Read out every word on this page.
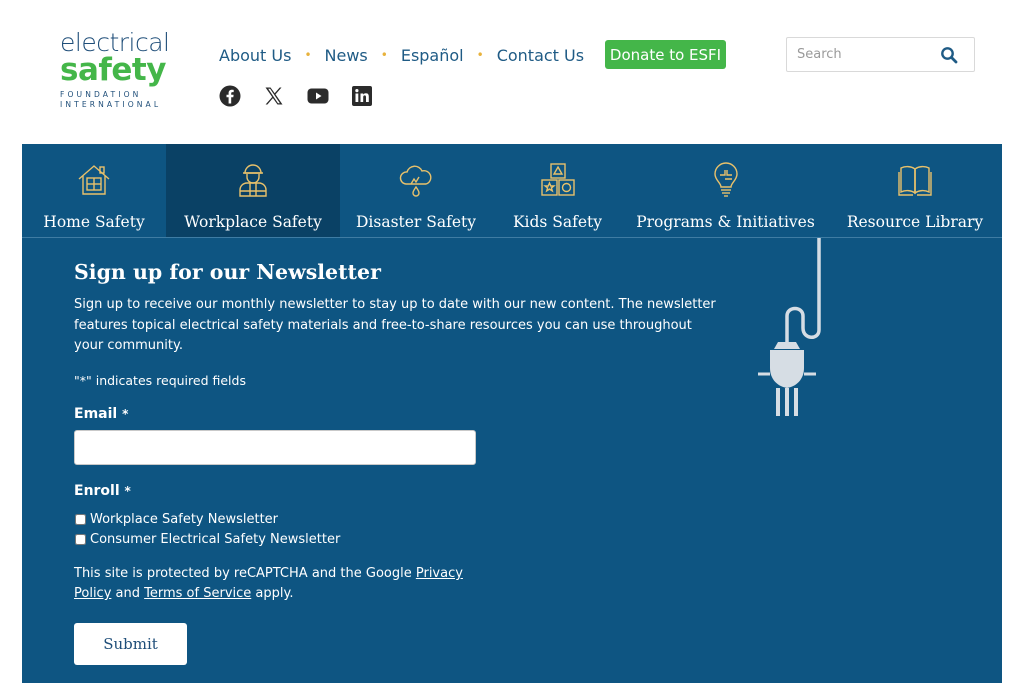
electrical
safety
FOUNDATION
INTERNATIONAL
About Us • News • Español • Contact Us	Donate to ESFI
Search
Home Safety	Workplace Safety	Disaster Safety	Kids Safety	Programs & Initiatives	Resource Library
Sign up for our Newsletter

Sign up to receive our monthly newsletter to stay up to date with our new content. The newsletter features topical electrical safety materials and free-to-share resources you can use throughout your community.

"*" indicates required fields
Email *
Enroll *
Workplace Safety Newsletter
Consumer Electrical Safety Newsletter

This site is protected by reCAPTCHA and the Google Privacy Policy and Terms of Service apply.

Submit
